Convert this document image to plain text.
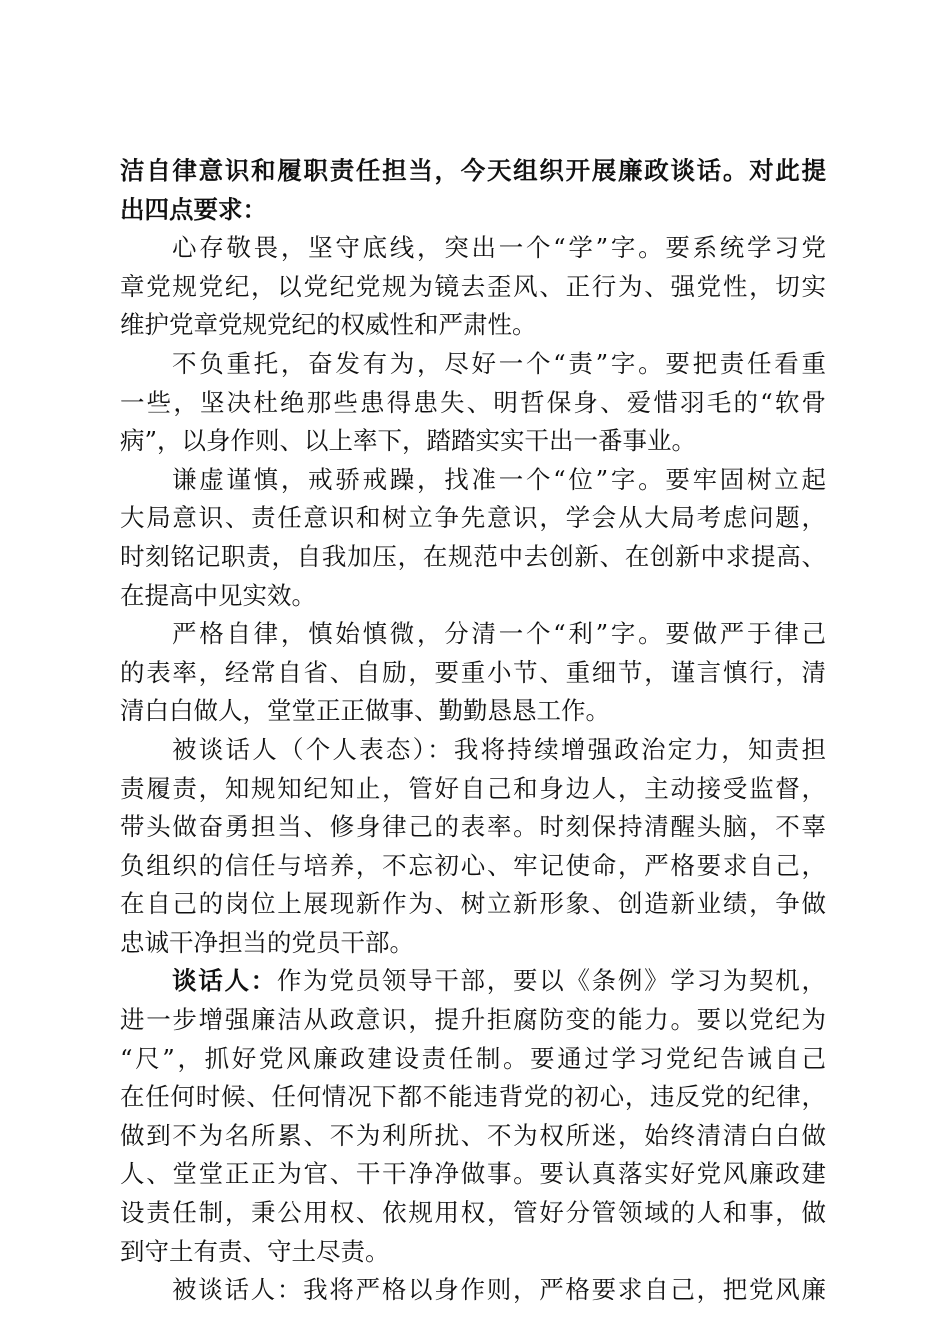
洁自律意识和履职责任担当，今天组织开展廉政谈话。对此提
出四点要求：
心存敬畏，坚守底线，突出一个“学”字。要系统学习党
章党规党纪，以党纪党规为镜去歪风、正行为、强党性，切实
维护党章党规党纪的权威性和严肃性。
不负重托，奋发有为，尽好一个“责”字。要把责任看重
一些，坚决杜绝那些患得患失、明哲保身、爱惜羽毛的“软骨
病”，以身作则、以上率下，踏踏实实干出一番事业。
谦虚谨慎，戒骄戒躁，找准一个“位”字。要牢固树立起
大局意识、责任意识和树立争先意识，学会从大局考虑问题，
时刻铭记职责，自我加压，在规范中去创新、在创新中求提高、
在提高中见实效。
严格自律，慎始慎微，分清一个“利”字。要做严于律己
的表率，经常自省、自励，要重小节、重细节，谨言慎行，清
清白白做人，堂堂正正做事、勤勤恳恳工作。
被谈话人（个人表态）：我将持续增强政治定力，知责担
责履责，知规知纪知止，管好自己和身边人，主动接受监督，
带头做奋勇担当、修身律己的表率。时刻保持清醒头脑，不辜
负组织的信任与培养，不忘初心、牢记使命，严格要求自己，
在自己的岗位上展现新作为、树立新形象、创造新业绩，争做
忠诚干净担当的党员干部。
谈话人：作为党员领导干部，要以《条例》学习为契机，
进一步增强廉洁从政意识，提升拒腐防变的能力。要以党纪为
“尺”，抓好党风廉政建设责任制。要通过学习党纪告诫自己
在任何时候、任何情况下都不能违背党的初心，违反党的纪律，
做到不为名所累、不为利所扰、不为权所迷，始终清清白白做
人、堂堂正正为官、干干净净做事。要认真落实好党风廉政建
设责任制，秉公用权、依规用权，管好分管领域的人和事，做
到守土有责、守土尽责。
被谈话人：我将严格以身作则，严格要求自己，把党风廉
